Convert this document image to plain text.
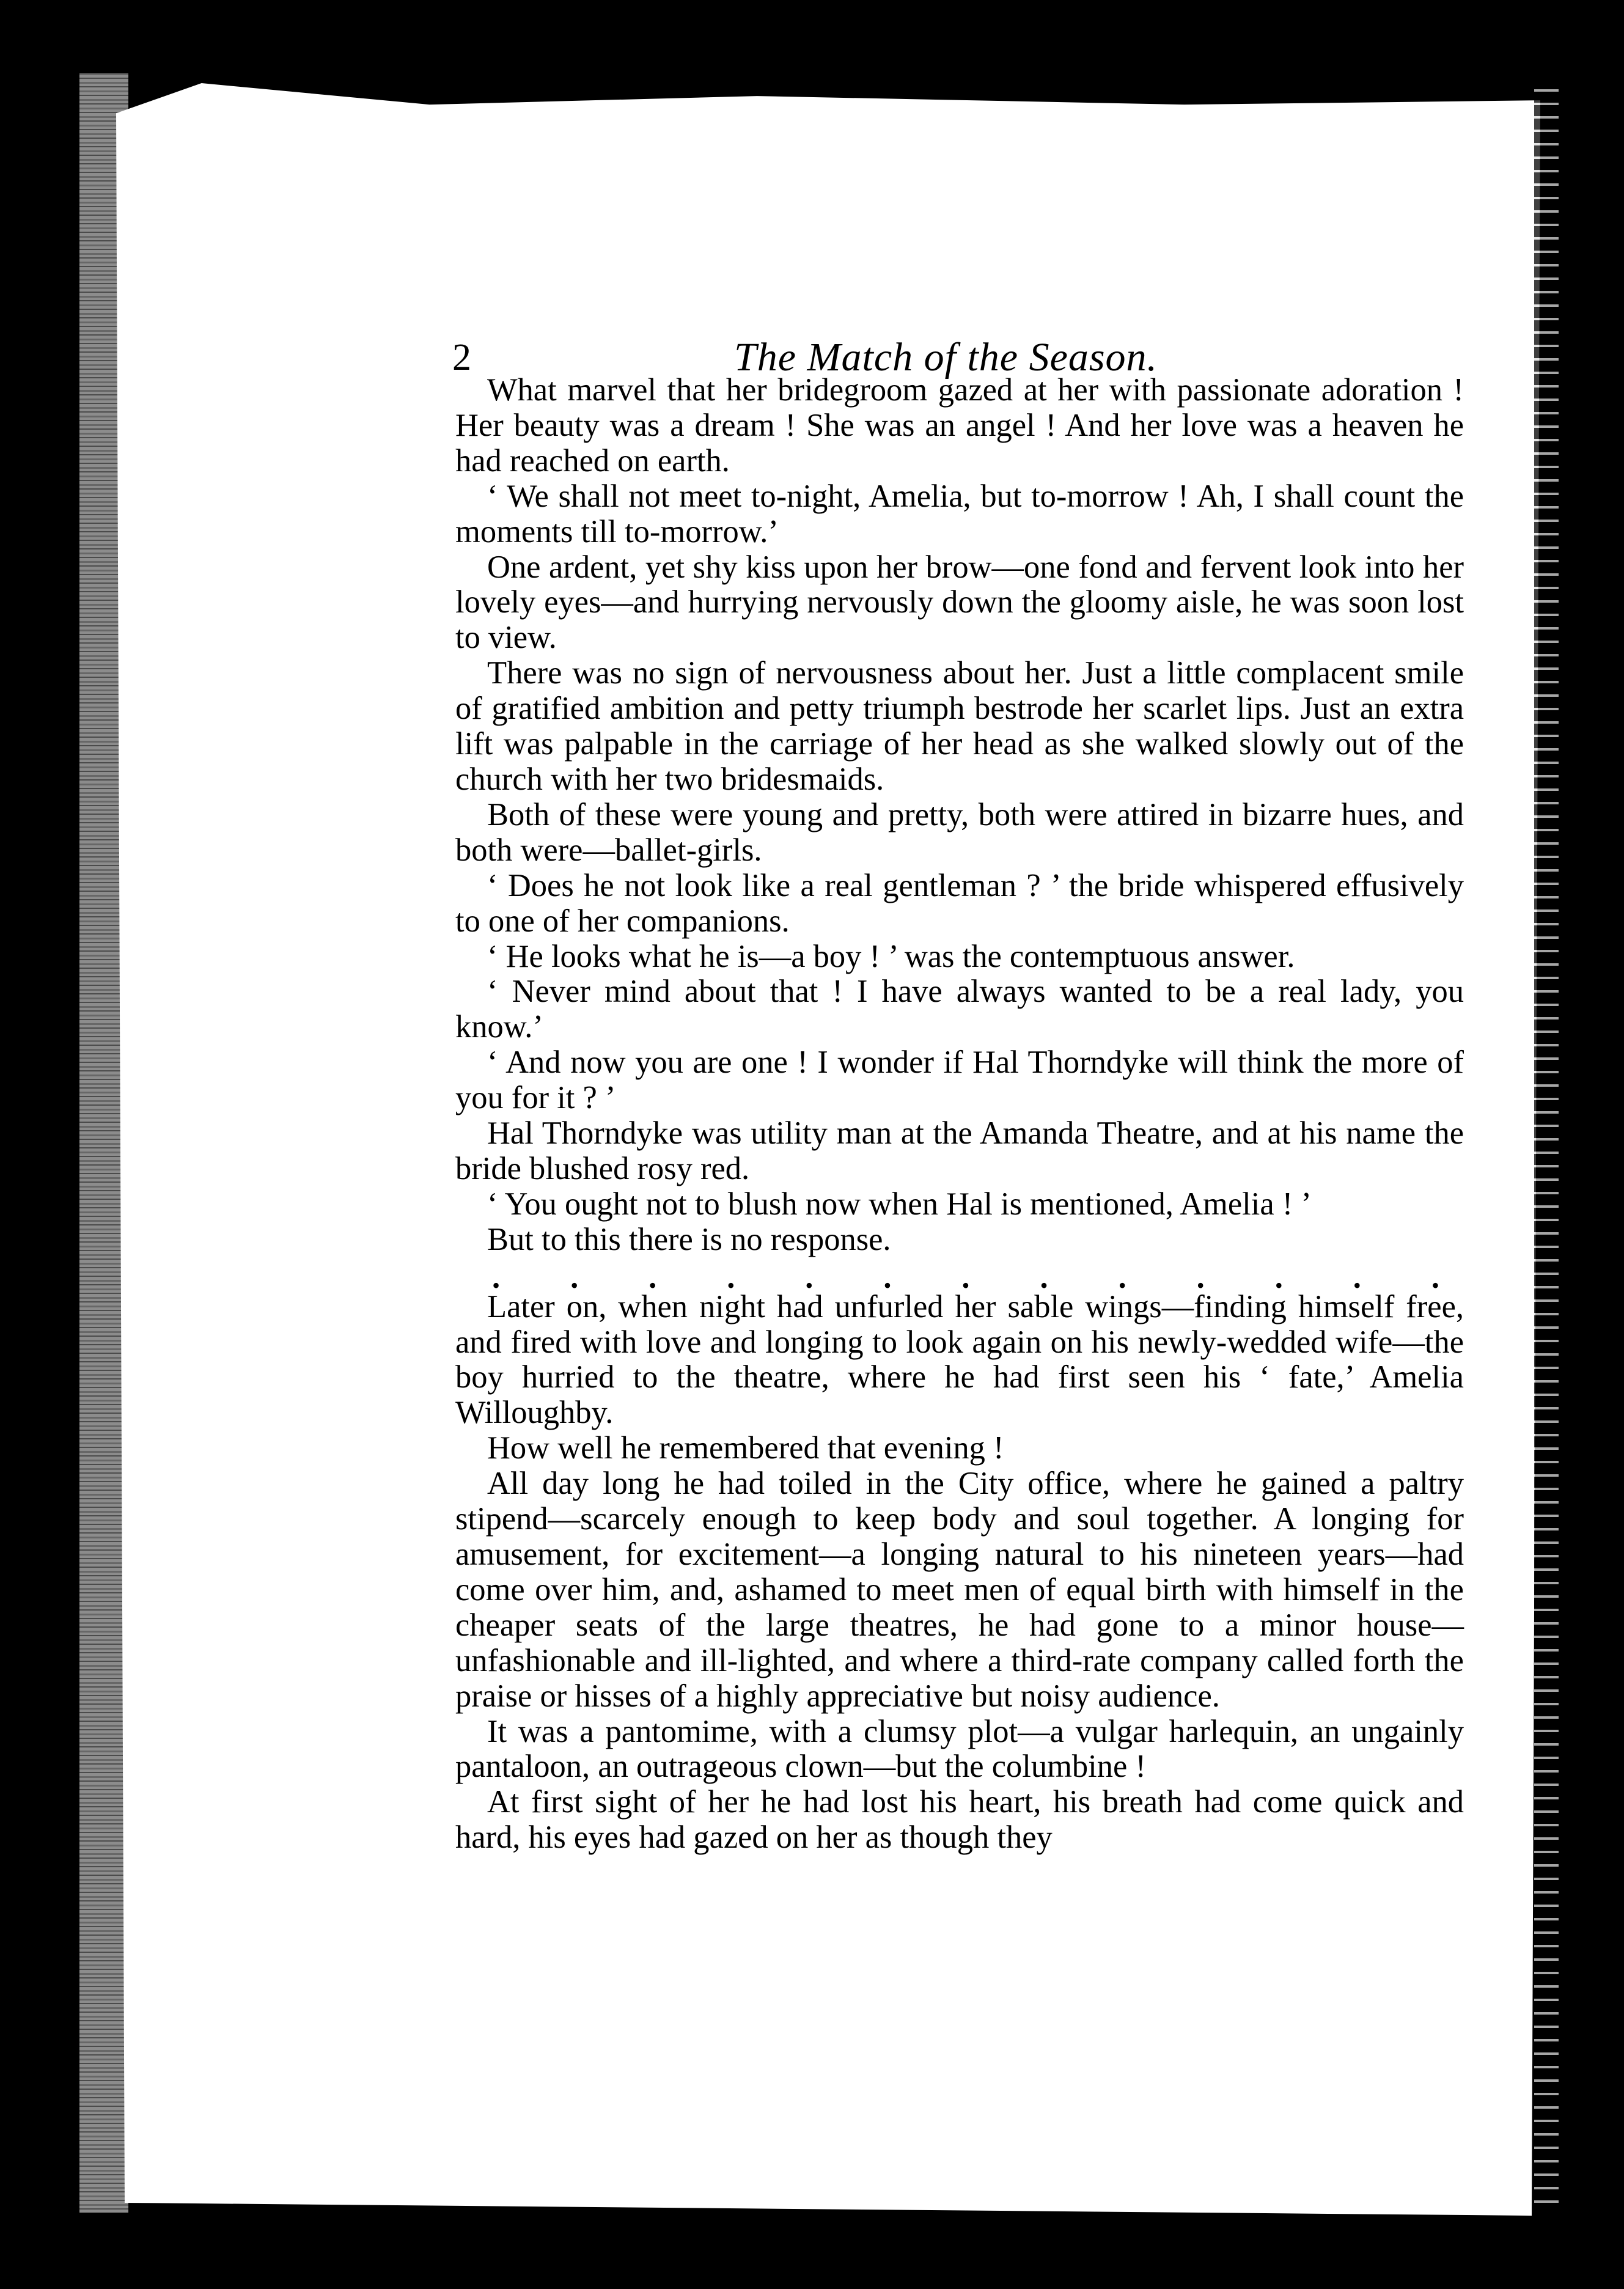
2	The Match of the Season.

What marvel that her bridegroom gazed at her with passionate adoration ! Her beauty was a dream ! She was an angel ! And her love was a heaven he had reached on earth.

‘ We shall not meet to-night, Amelia, but to-morrow ! Ah, I shall count the moments till to-morrow.’

One ardent, yet shy kiss upon her brow—one fond and fervent look into her lovely eyes—and hurrying nervously down the gloomy aisle, he was soon lost to view.

There was no sign of nervousness about her. Just a little complacent smile of gratified ambition and petty triumph bestrode her scarlet lips. Just an extra lift was palpable in the carriage of her head as she walked slowly out of the church with her two bridesmaids.

Both of these were young and pretty, both were attired in bizarre hues, and both were—ballet-girls.

‘ Does he not look like a real gentleman ? ’ the bride whispered effusively to one of her companions.

‘ He looks what he is—a boy ! ’ was the contemptuous answer.

‘ Never mind about that ! I have always wanted to be a real lady, you know.’

‘ And now you are one ! I wonder if Hal Thorndyke will think the more of you for it ? ’

Hal Thorndyke was utility man at the Amanda Theatre, and at his name the bride blushed rosy red.

‘ You ought not to blush now when Hal is mentioned, Amelia ! ’

But to this there is no response.

. . . . . . . . . . . . .

Later on, when night had unfurled her sable wings—finding himself free, and fired with love and longing to look again on his newly-wedded wife—the boy hurried to the theatre, where he had first seen his ‘ fate,’ Amelia Willoughby.

How well he remembered that evening !

All day long he had toiled in the City office, where he gained a paltry stipend—scarcely enough to keep body and soul together. A longing for amusement, for excitement—a longing natural to his nineteen years—had come over him, and, ashamed to meet men of equal birth with himself in the cheaper seats of the large theatres, he had gone to a minor house—unfashionable and ill-lighted, and where a third-rate company called forth the praise or hisses of a highly appreciative but noisy audience.

It was a pantomime, with a clumsy plot—a vulgar harlequin, an ungainly pantaloon, an outrageous clown—but the columbine !

At first sight of her he had lost his heart, his breath had come quick and hard, his eyes had gazed on her as though they
